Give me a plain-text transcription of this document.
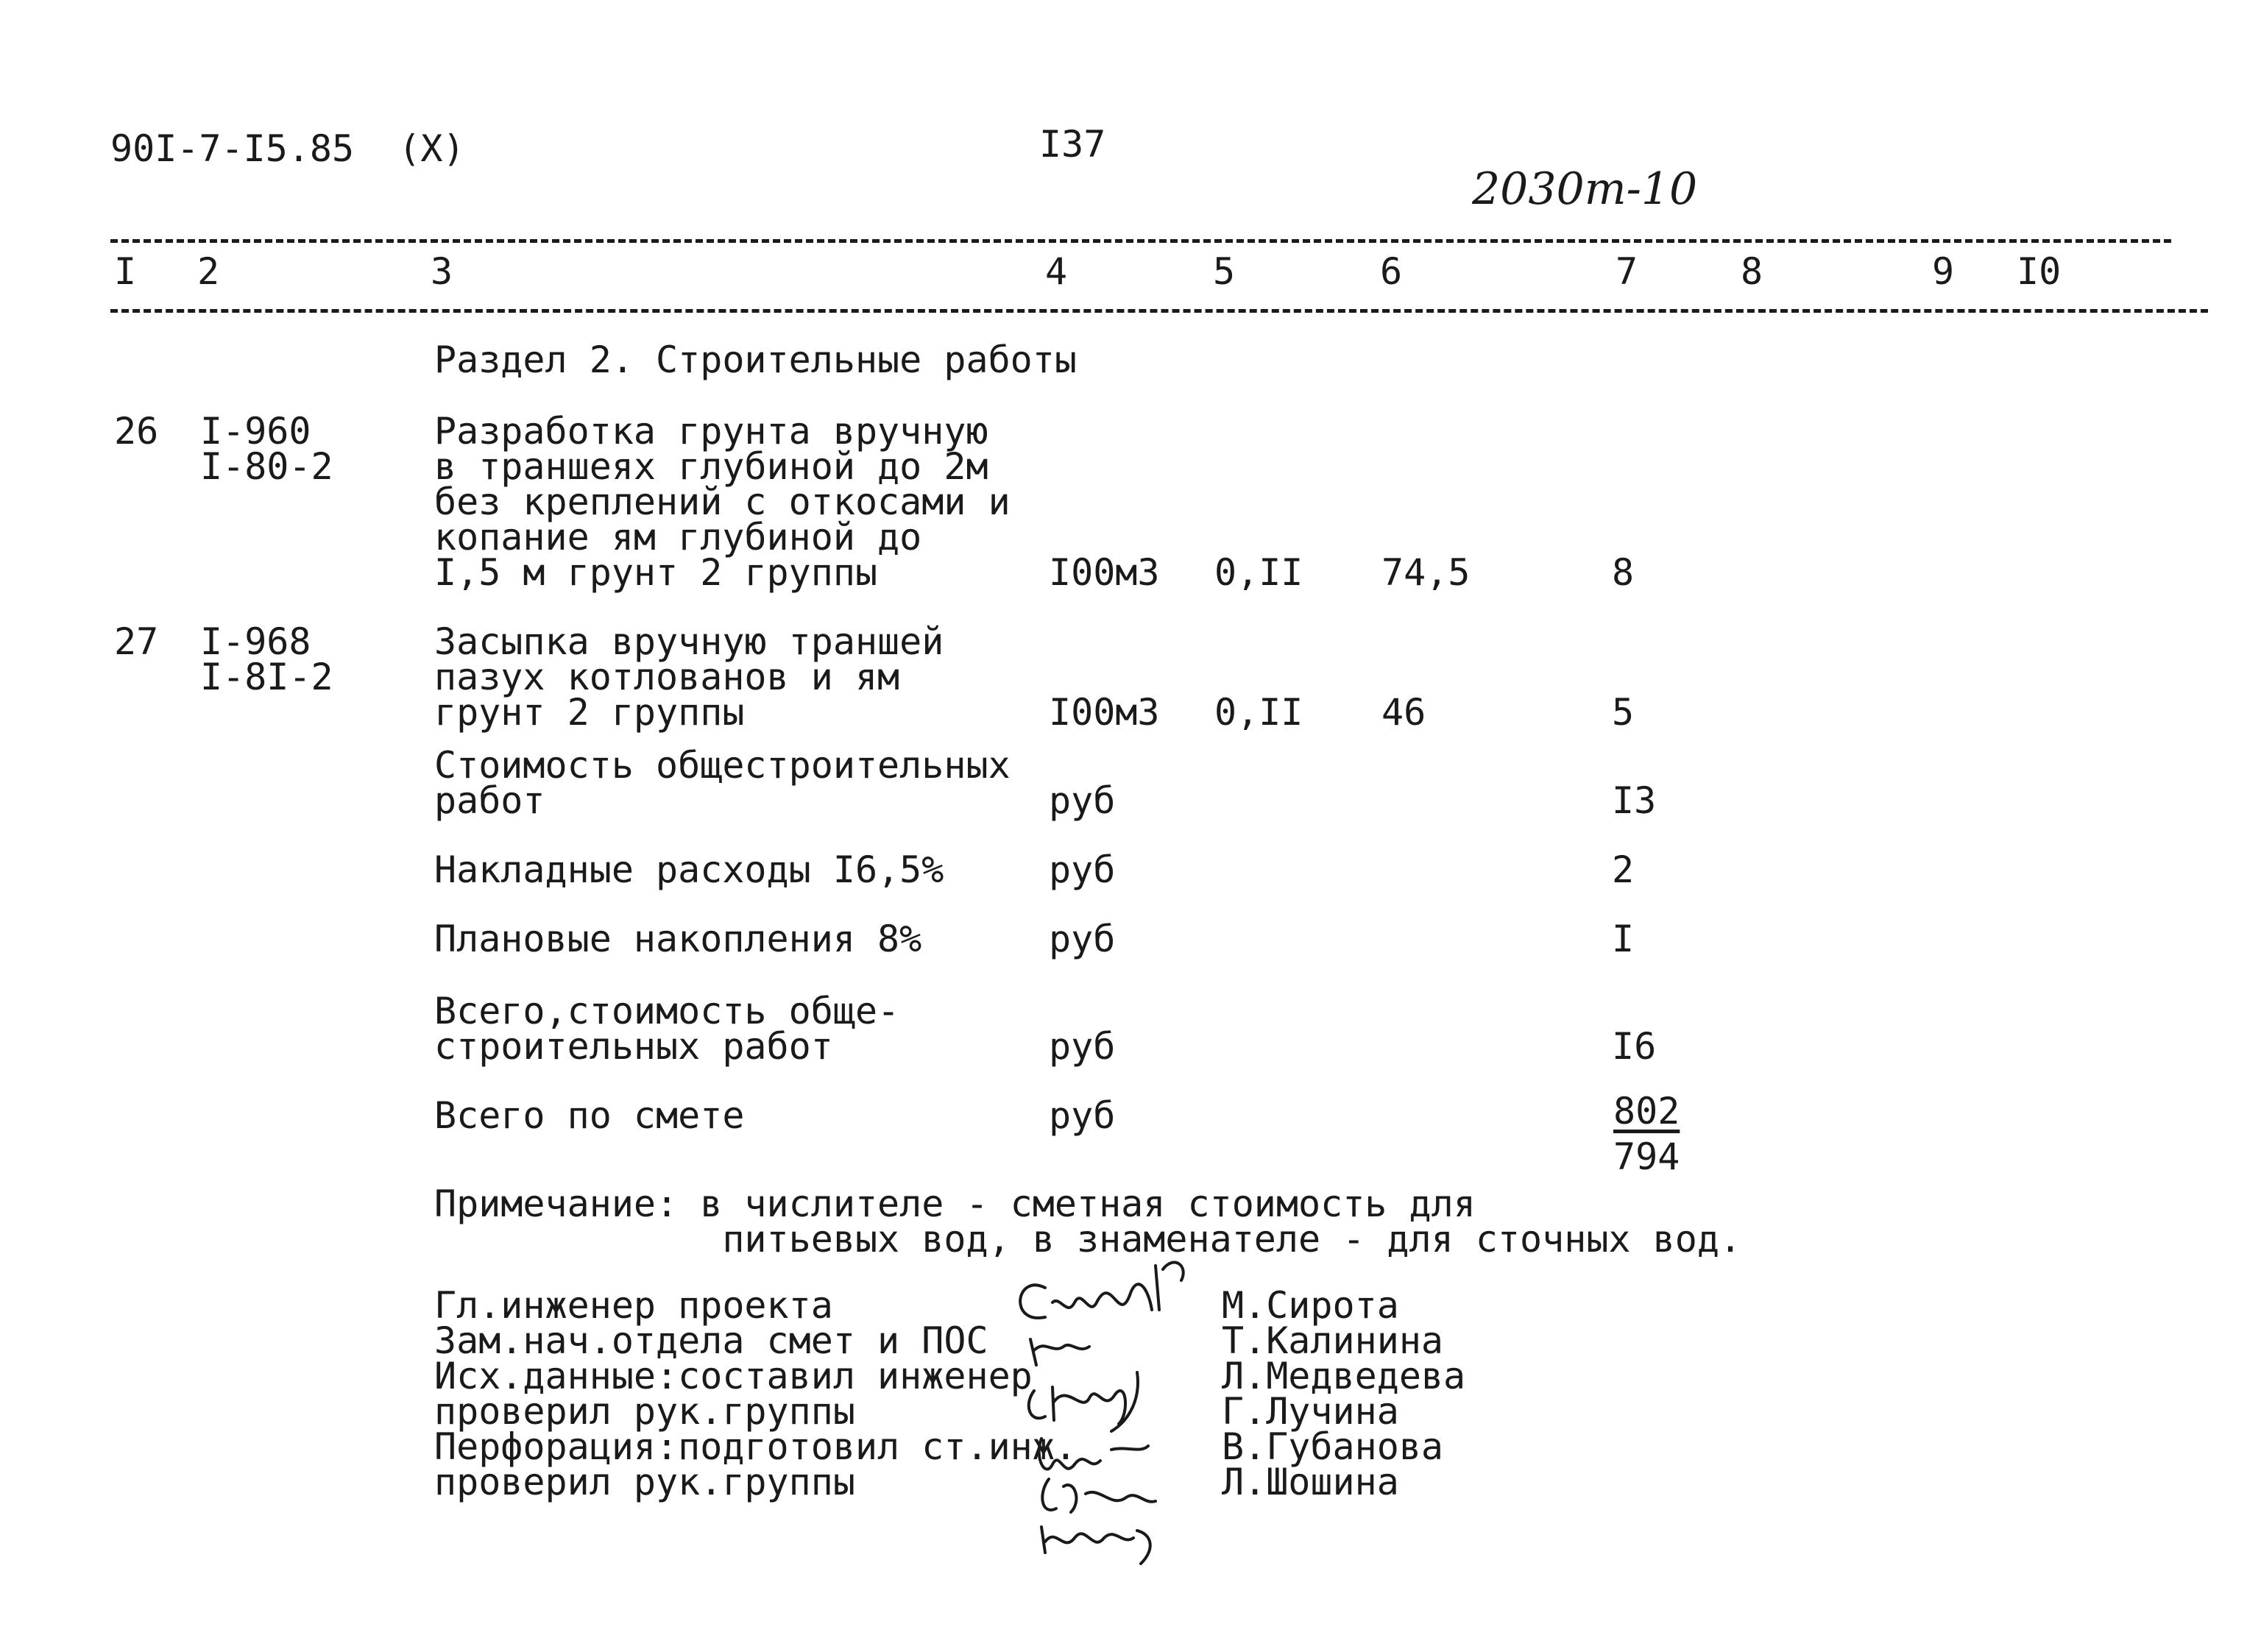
90I-7-I5.85  (X)	I37
2030т-10
I 2	3	4	5	6	7	8	9 I0
Раздел 2. Строительные работы
26 I-960
I-80-2
Разработка грунта вручную
в траншеях глубиной до 2м
без креплений с откосами и
копание ям глубиной до
I,5 м грунт 2 группы	I00м3 0,II 74,5	8
27 I-968
I-8I-2
Засыпка вручную траншей
пазух котлованов и ям
грунт 2 группы	I00м3 0,II 46	5
Стоимость общестроительных
работ	руб	I3
Накладные расходы I6,5%	руб	2
Плановые накопления 8%	руб	I
Всего,стоимость обще-
строительных работ	руб	I6
Всего по смете	руб	802
794
Примечание: в числителе - сметная стоимость для
питьевых вод, в знаменателе - для сточных вод.
Гл.инженер проекта	М.Сирота
Зам.нач.отдела смет и ПОС	Т.Калинина
Исх.данные:составил инженер	Л.Медведева
проверил рук.группы	Г.Лучина
Перфорация:подготовил ст.инж.	В.Губанова
проверил рук.группы	Л.Шошина
